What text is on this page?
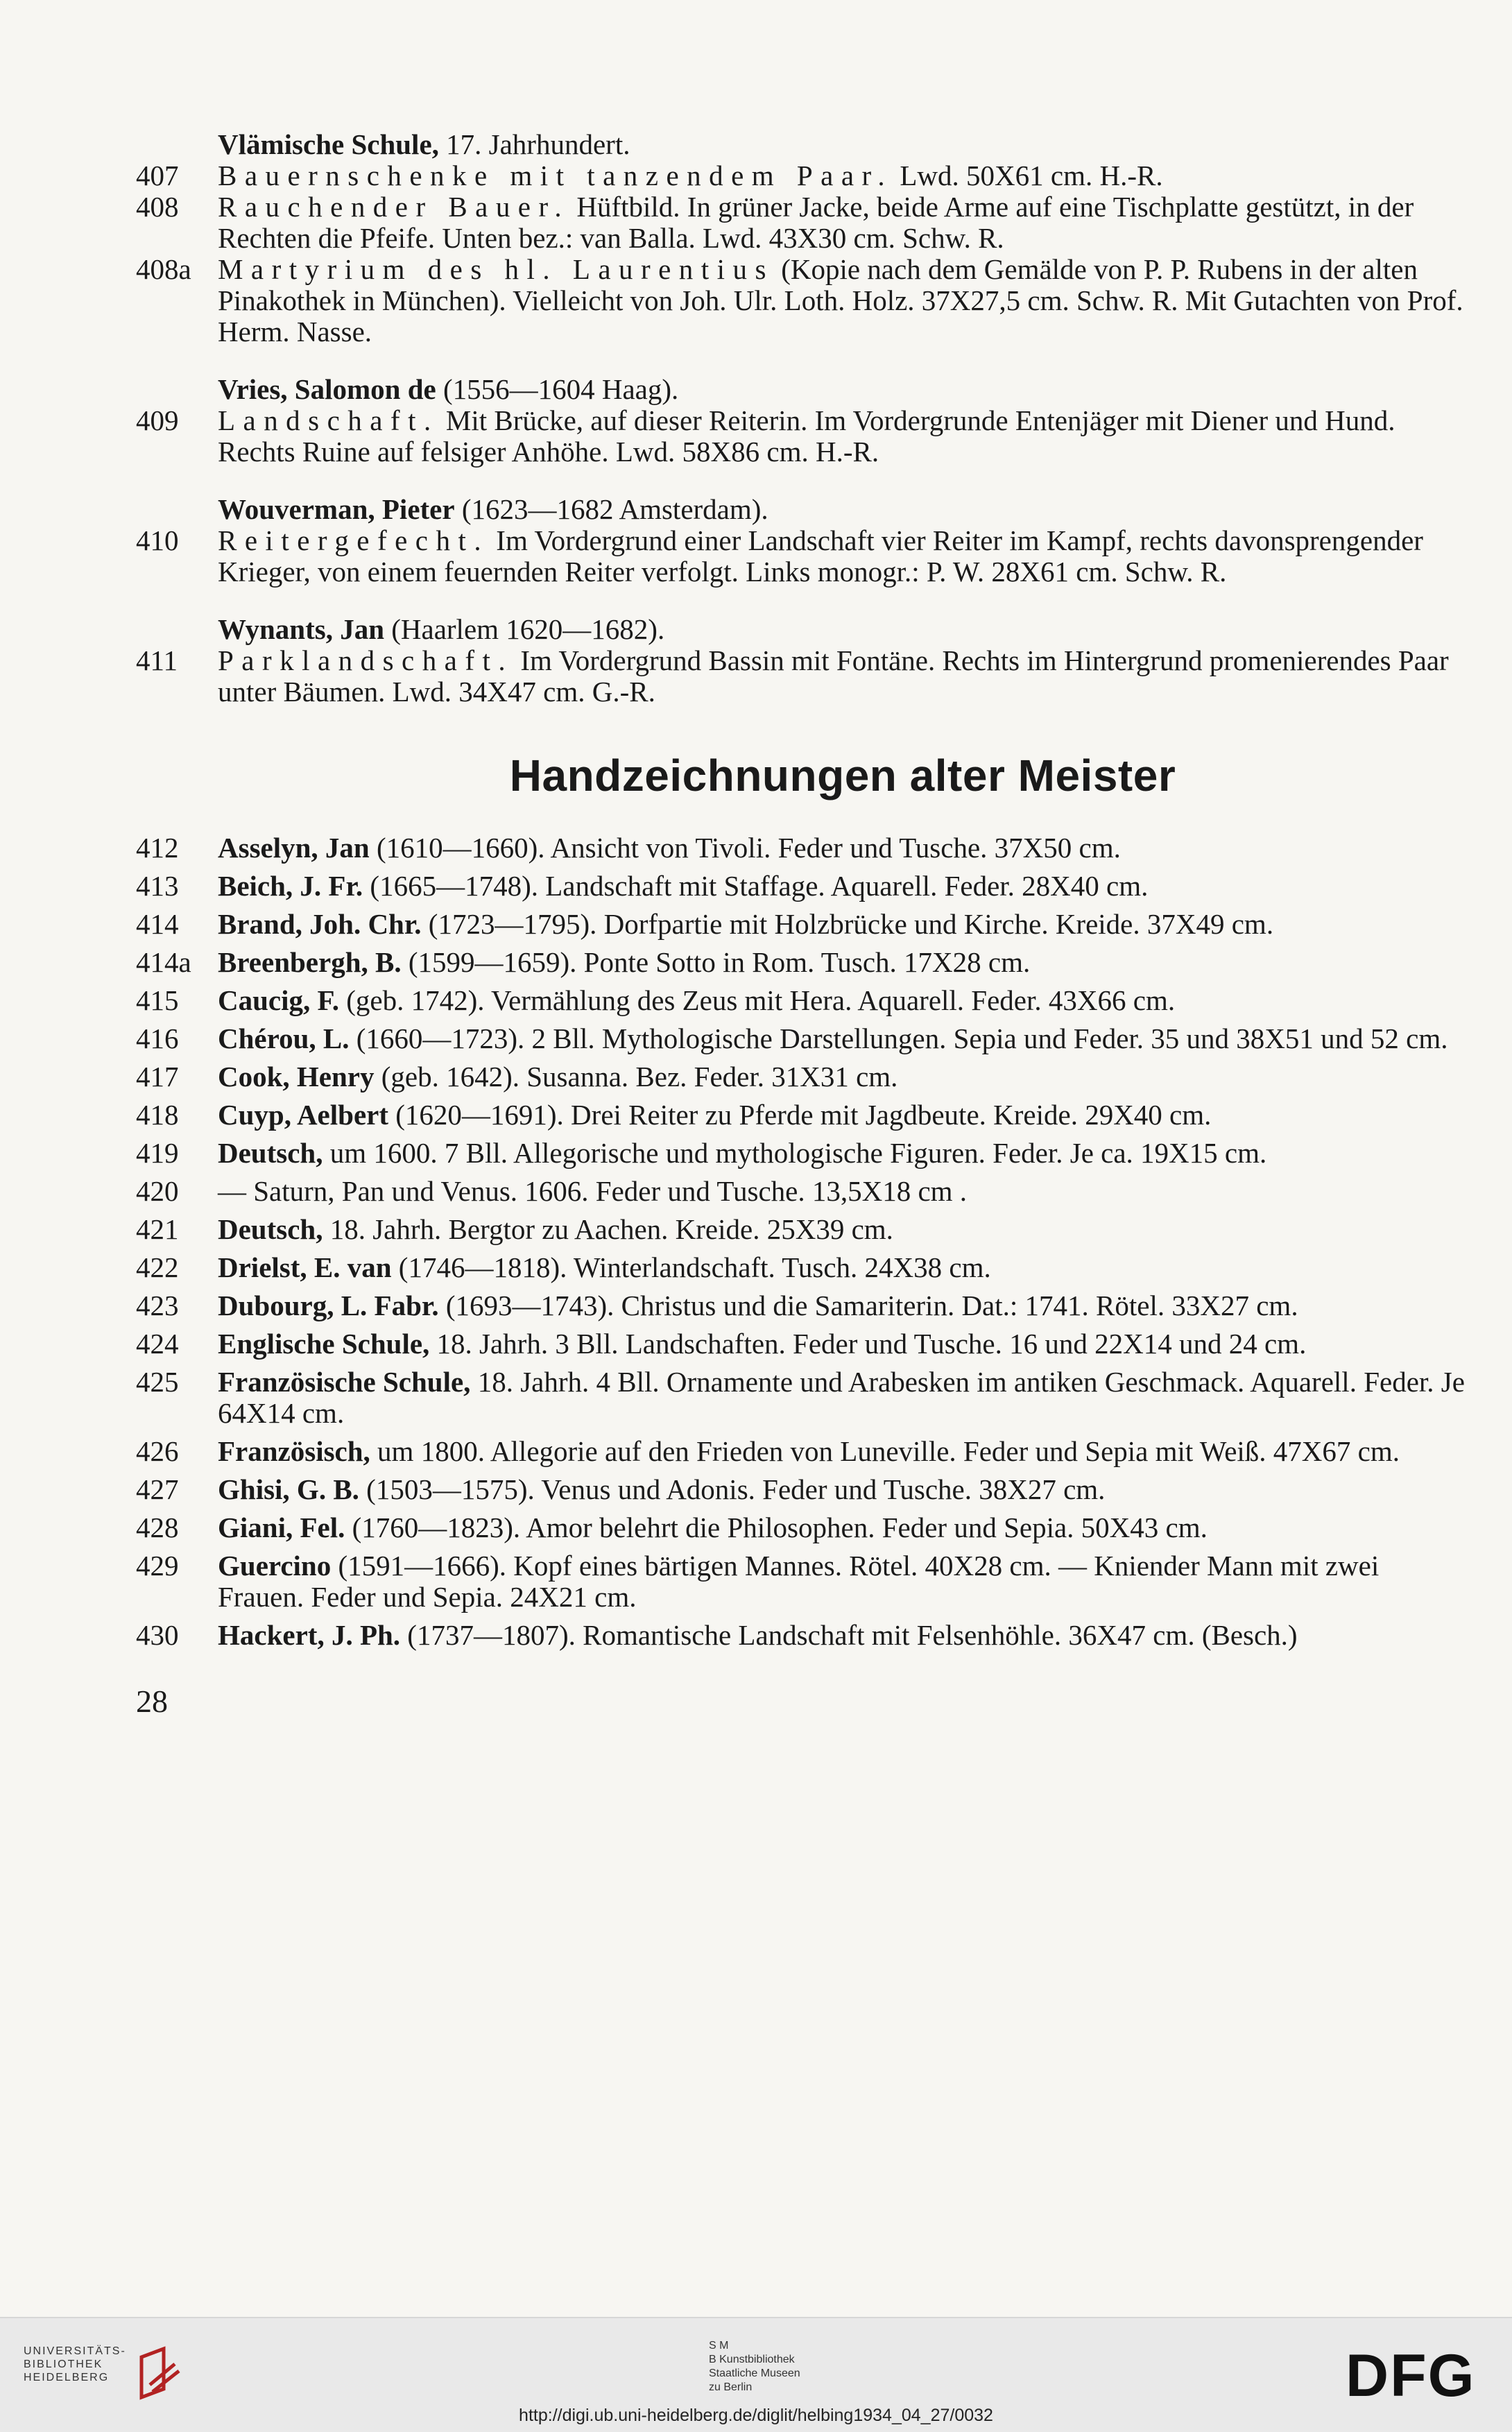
Vlämische Schule, 17. Jahrhundert.
407	Bauernschenke mit tanzendem Paar. Lwd. 50X61 cm. H.-R.
408	Rauchender Bauer. Hüftbild. In grüner Jacke, beide Arme auf eine Tischplatte gestützt, in der Rechten die Pfeife. Unten bez.: van Balla. Lwd. 43X30 cm. Schw. R.
408a Martyrium des hl. Laurentius (Kopie nach dem Gemälde von P. P. Rubens in der alten Pinakothek in München). Vielleicht von Joh. Ulr. Loth. Holz. 37X27,5 cm. Schw. R. Mit Gutachten von Prof. Herm. Nasse.
Vries, Salomon de (1556—1604 Haag).
409	Landschaft. Mit Brücke, auf dieser Reiterin. Im Vordergrunde Entenjäger mit Diener und Hund. Rechts Ruine auf felsiger Anhöhe. Lwd. 58X86 cm. H.-R.
Wouverman, Pieter (1623—1682 Amsterdam).
410	Reitergefecht. Im Vordergrund einer Landschaft vier Reiter im Kampf, rechts davonsprengender Krieger, von einem feuernden Reiter verfolgt. Links monogr.: P. W. 28X61 cm. Schw. R.
Wynants, Jan (Haarlem 1620—1682).
411	Parklandschaft. Im Vordergrund Bassin mit Fontäne. Rechts im Hintergrund promenierendes Paar unter Bäumen. Lwd. 34X47 cm. G.-R.
Handzeichnungen alter Meister
412	Asselyn, Jan (1610—1660). Ansicht von Tivoli. Feder und Tusche. 37X50 cm.
413	Beich, J. Fr. (1665—1748). Landschaft mit Staffage. Aquarell. Feder. 28X40 cm.
414	Brand, Joh. Chr. (1723—1795). Dorfpartie mit Holzbrücke und Kirche. Kreide. 37X49 cm.
414a Breenbergh, B. (1599—1659). Ponte Sotto in Rom. Tusch. 17X28 cm.
415	Caucig, F. (geb. 1742). Vermählung des Zeus mit Hera. Aquarell. Feder. 43X66 cm.
416	Chérou, L. (1660—1723). 2 Bll. Mythologische Darstellungen. Sepia und Feder. 35 und 38X51 und 52 cm.
417	Cook, Henry (geb. 1642). Susanna. Bez. Feder. 31X31 cm.
418	Cuyp, Aelbert (1620—1691). Drei Reiter zu Pferde mit Jagdbeute. Kreide. 29X40 cm.
419	Deutsch, um 1600. 7 Bll. Allegorische und mythologische Figuren. Feder. Je ca. 19X15 cm.
420	— Saturn, Pan und Venus. 1606. Feder und Tusche. 13,5X18 cm .
421	Deutsch, 18. Jahrh. Bergtor zu Aachen. Kreide. 25X39 cm.
422	Drielst, E. van (1746—1818). Winterlandschaft. Tusch. 24X38 cm.
423	Dubourg, L. Fabr. (1693—1743). Christus und die Samariterin. Dat.: 1741. Rötel. 33X27 cm.
424	Englische Schule, 18. Jahrh. 3 Bll. Landschaften. Feder und Tusche. 16 und 22X14 und 24 cm.
425	Französische Schule, 18. Jahrh. 4 Bll. Ornamente und Arabesken im antiken Geschmack. Aquarell. Feder. Je 64X14 cm.
426	Französisch, um 1800. Allegorie auf den Frieden von Luneville. Feder und Sepia mit Weiß. 47X67 cm.
427	Ghisi, G. B. (1503—1575). Venus und Adonis. Feder und Tusche. 38X27 cm.
428	Giani, Fel. (1760—1823). Amor belehrt die Philosophen. Feder und Sepia. 50X43 cm.
429	Guercino (1591—1666). Kopf eines bärtigen Mannes. Rötel. 40X28 cm. — Kniender Mann mit zwei Frauen. Feder und Sepia. 24X21 cm.
430	Hackert, J. Ph. (1737—1807). Romantische Landschaft mit Felsenhöhle. 36X47 cm. (Besch.)
28
UNIVERSITÄTS-
BIBLIOTHEK
HEIDELBERG
S M
B Kunstbibliothek
Staatliche Museen
zu Berlin	DFG
http://digi.ub.uni-heidelberg.de/diglit/helbing1934_04_27/0032
